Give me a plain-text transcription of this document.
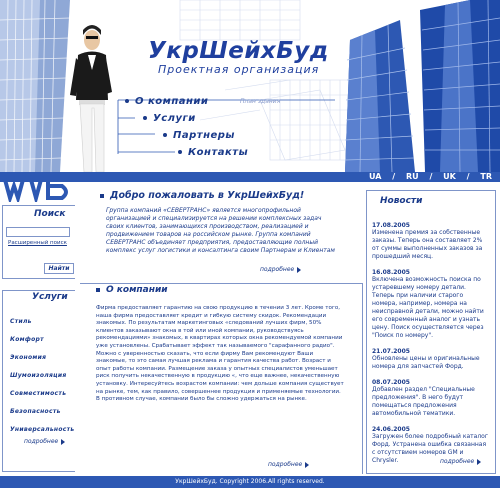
План здания
УкрШейхБуд
Проектная организация
О компании
Услуги
Партнеры
Контакты
UA / RU / UK / TR
Добро пожаловать в УкрШейхБуд!
Группа компаний «СЕВЕРТРАНС» является многопрофильной организацией и специализируется на решении комплексных задач своих клиентов, занимающихся производством, реализацией и продвижением товаров на российском рынке. Группа компаний СЕВЕРТРАНС объединяет предприятия, предоставляющие полный комплекс услуг логистики и консалтинга своим Партнерам и Клиентам
подробнее
Поиск
Расширенный поиск
Найти
Услуги
Стиль
Комфорт
Экономия
Шумоизоляция
Совместимость
Безопасность
Универсальность
подробнее
О компании
Фирма предоставляет гарантию на свою продукцию в течении 3 лет. Кроме того, наша фирма предоставляет кредит и гибкую систему скидок. Рекомендации знакомых. По результатам маркетинговых «следований лучших фирм, 50% клиентов заказывают окна в той или иной компании, руководствуясь рекомендациями» знакомых, в квартирах которых окна рекомендуемой компании уже установлены. Срабатывает эффект так называемого "сарафанного радио". Можно с уверенностью сказать, что если фирму Вам рекомендуют Ваши знакомые, то это самая лучшая реклама и гарантия качества работ. Возраст и опыт работы компании. Размещение заказа у опытных специалистов уменьшает риск получить некачественную в продукцию «, что еще важнее, некачественную установку. Интересуйтесь возрастом компании: чем дольше компания существует на рынке, тем, как правило, совершеннее продукция и применяемые технологии. В противном случае, компании было бы сложно удержаться на рынке.
подробнее
Новости
17.08.2005
Изменена премия за собственные заказы. Теперь она составляет 2% от суммы выполненных заказов за прошедший месяц.
16.08.2005
Включена возможность поиска по устаревшему номеру детали. Теперь при наличии старого номера, например, номера на неисправной детали, можно найти его современный аналог и узнать цену. Поиск осуществляется через "Поиск по номеру".
21.07.2005
Обновлены цены и оригинальные номера для запчастей Форд.
08.07.2005
Добавлен раздел "Специальные предложения". В него будут помещаться предложения автомобильной тематики.
24.06.2005
Загружен более подробный каталог Форд. Устранена ошибка связанная с отсутствием номеров GM и Chrysler.	подробнее
УкрШейхБуд. Copyright 2006.All rights reserved.
